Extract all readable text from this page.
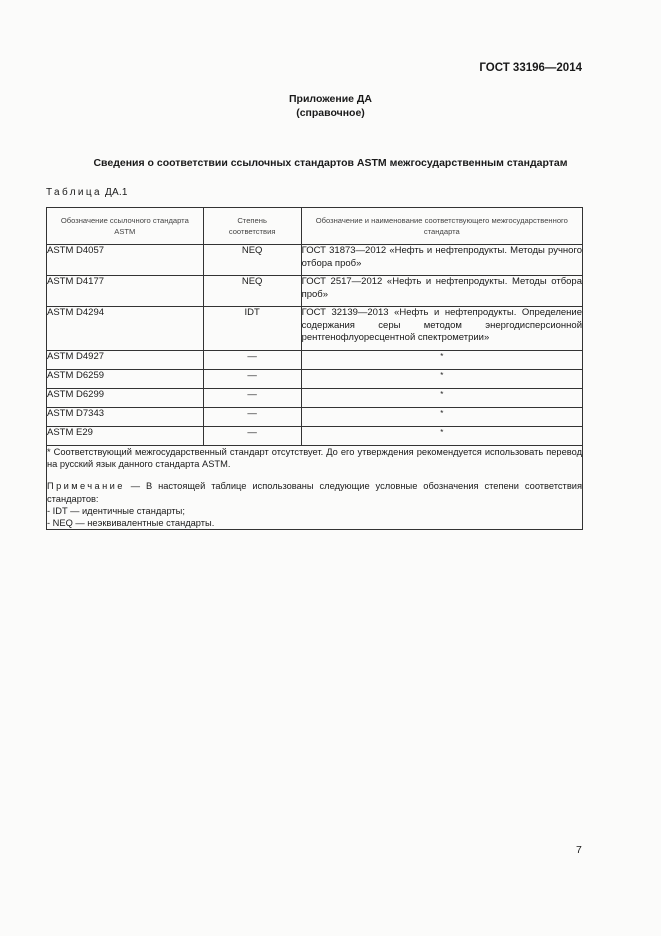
ГОСТ 33196—2014
Приложение ДА
(справочное)
Сведения о соответствии ссылочных стандартов ASTM межгосударственным стандартам
Таблица ДА.1
Обозначение ссылочного стандарта ASTM	Степень соответствия	Обозначение и наименование соответствующего межгосударственного стандарта
ASTM D4057	NEQ	ГОСТ 31873—2012 «Нефть и нефтепродукты. Методы ручного отбора проб»
ASTM D4177	NEQ	ГОСТ 2517—2012 «Нефть и нефтепродукты. Методы отбора проб»
ASTM D4294	IDT	ГОСТ 32139—2013 «Нефть и нефтепродукты. Определение содержания серы методом энергодисперсионной рентгенофлуоресцентной спектрометрии»
ASTM D4927	—	*
ASTM D6259	—	*
ASTM D6299	—	*
ASTM D7343	—	*
ASTM E29	—	*

* Соответствующий межгосударственный стандарт отсутствует. До его утверждения рекомендуется использовать перевод на русский язык данного стандарта ASTM.

Примечание — В настоящей таблице использованы следующие условные обозначения степени соответствия стандартов:

- IDT — идентичные стандарты;

- NEQ — неэквивалентные стандарты.		

7
